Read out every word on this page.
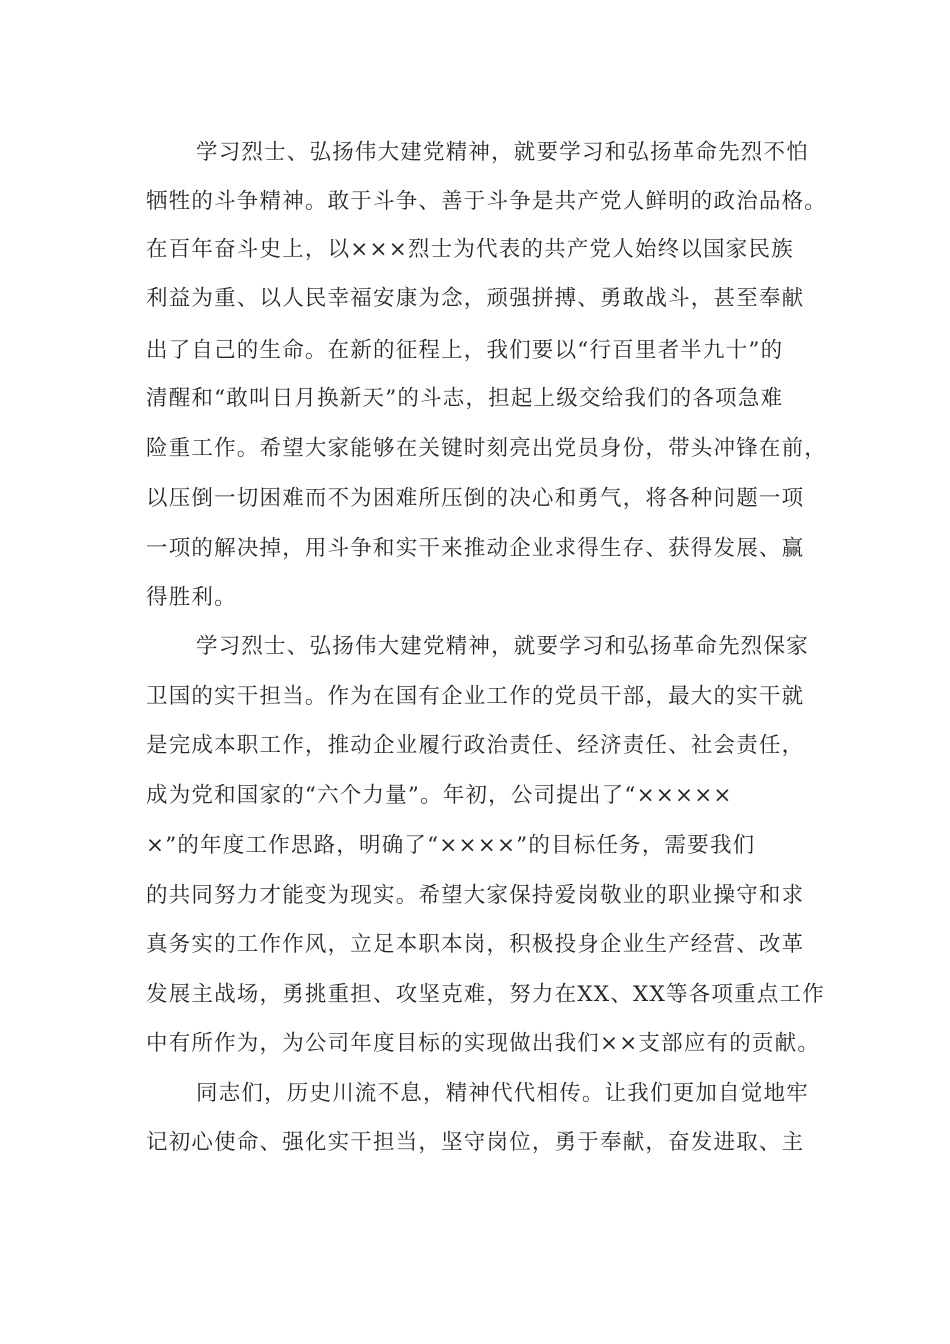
学习烈士、弘扬伟大建党精神，就要学习和弘扬革命先烈不怕
牺牲的斗争精神。敢于斗争、善于斗争是共产党人鲜明的政治品格。
在百年奋斗史上，以×××烈士为代表的共产党人始终以国家民族
利益为重、以人民幸福安康为念，顽强拼搏、勇敢战斗，甚至奉献
出了自己的生命。在新的征程上，我们要以“行百里者半九十”的
清醒和“敢叫日月换新天”的斗志，担起上级交给我们的各项急难
险重工作。希望大家能够在关键时刻亮出党员身份，带头冲锋在前，
以压倒一切困难而不为困难所压倒的决心和勇气，将各种问题一项
一项的解决掉，用斗争和实干来推动企业求得生存、获得发展、赢
得胜利。
学习烈士、弘扬伟大建党精神，就要学习和弘扬革命先烈保家
卫国的实干担当。作为在国有企业工作的党员干部，最大的实干就
是完成本职工作，推动企业履行政治责任、经济责任、社会责任，
成为党和国家的“六个力量”。年初，公司提出了“×××××
×”的年度工作思路，明确了“××××”的目标任务，需要我们
的共同努力才能变为现实。希望大家保持爱岗敬业的职业操守和求
真务实的工作作风，立足本职本岗，积极投身企业生产经营、改革
发展主战场，勇挑重担、攻坚克难，努力在XX、XX等各项重点工作
中有所作为，为公司年度目标的实现做出我们××支部应有的贡献。
同志们，历史川流不息，精神代代相传。让我们更加自觉地牢
记初心使命、强化实干担当，坚守岗位，勇于奉献，奋发进取、主
